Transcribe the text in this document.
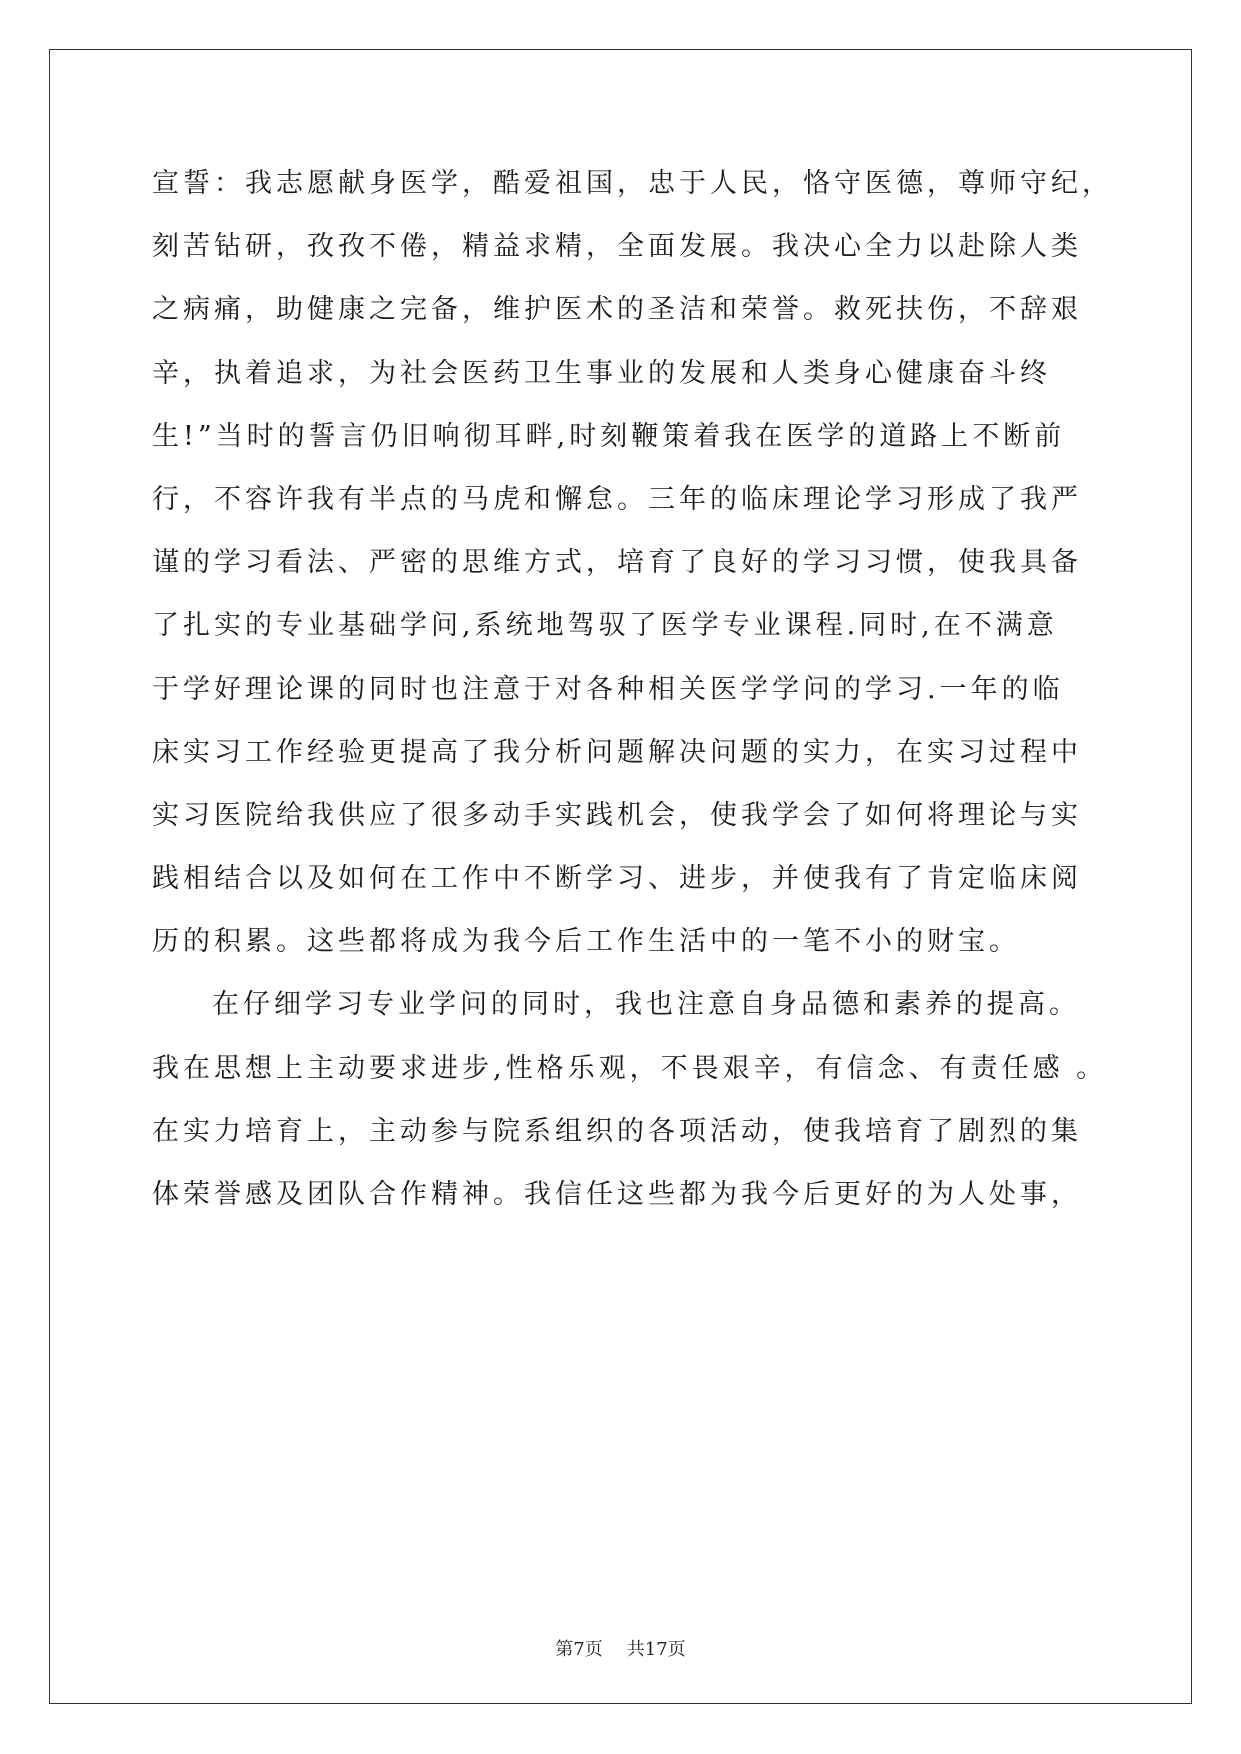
宣誓：我志愿献身医学，酷爱祖国，忠于人民，恪守医德，尊师守纪，
刻苦钻研，孜孜不倦，精益求精，全面发展。我决心全力以赴除人类
之病痛，助健康之完备，维护医术的圣洁和荣誉。救死扶伤，不辞艰
辛，执着追求，为社会医药卫生事业的发展和人类身心健康奋斗终
生!”当时的誓言仍旧响彻耳畔,时刻鞭策着我在医学的道路上不断前
行，不容许我有半点的马虎和懈怠。三年的临床理论学习形成了我严
谨的学习看法、严密的思维方式，培育了良好的学习习惯，使我具备
了扎实的专业基础学问,系统地驾驭了医学专业课程.同时,在不满意
于学好理论课的同时也注意于对各种相关医学学问的学习.一年的临
床实习工作经验更提高了我分析问题解决问题的实力，在实习过程中
实习医院给我供应了很多动手实践机会，使我学会了如何将理论与实
践相结合以及如何在工作中不断学习、进步，并使我有了肯定临床阅
历的积累。这些都将成为我今后工作生活中的一笔不小的财宝。
在仔细学习专业学问的同时，我也注意自身品德和素养的提高。
我在思想上主动要求进步,性格乐观，不畏艰辛，有信念、有责任感 。
在实力培育上，主动参与院系组织的各项活动，使我培育了剧烈的集
体荣誉感及团队合作精神。我信任这些都为我今后更好的为人处事，
第7页 共17页
